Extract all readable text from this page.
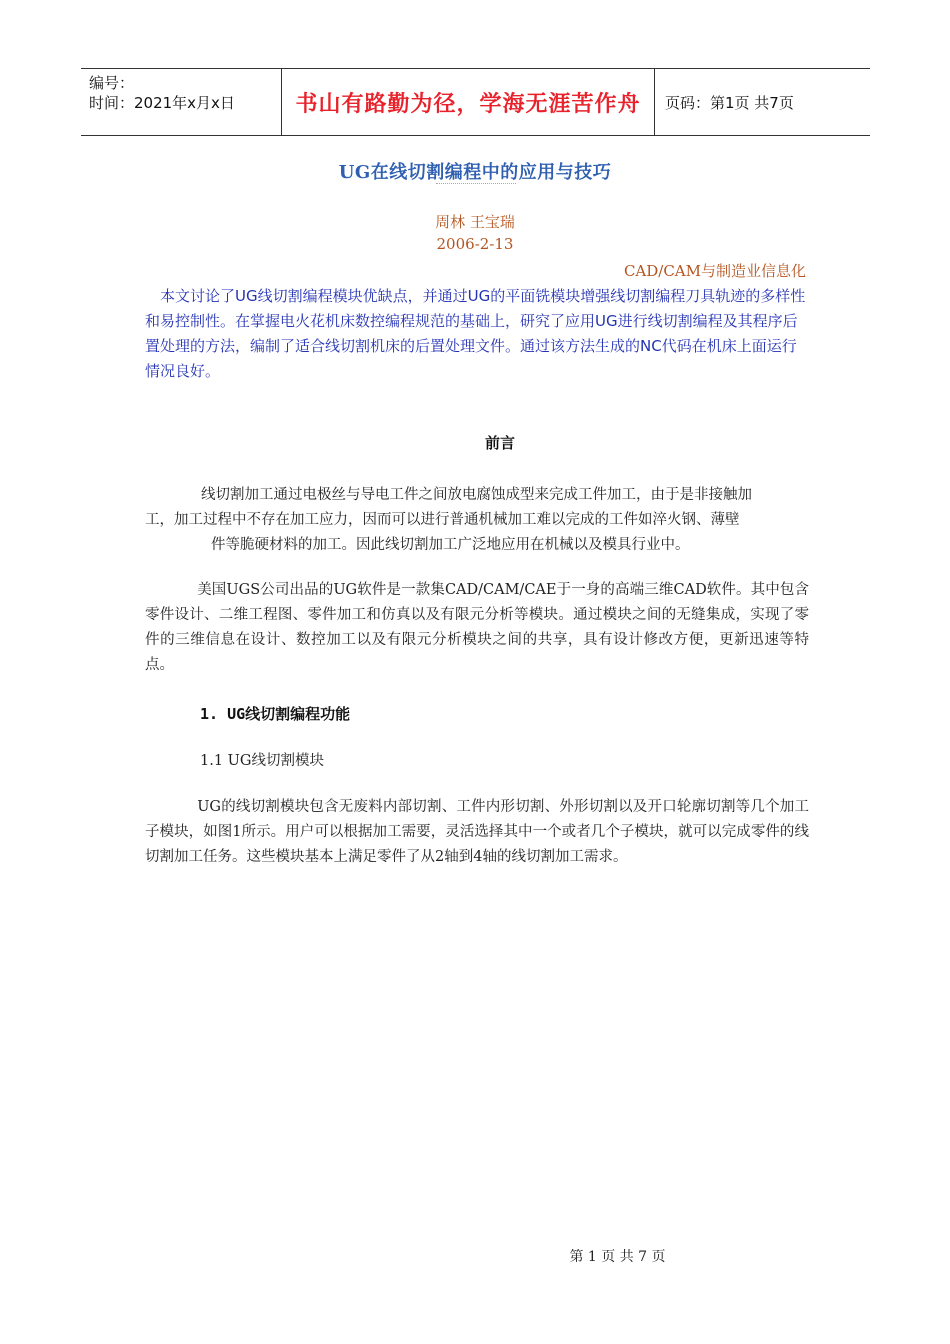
编号：
时间：2021年x月x日	书山有路勤为径，学海无涯苦作舟	页码：第1页 共7页
UG在线切割编程中的应用与技巧
周林 王宝瑞
2006-2-13
CAD/CAM与制造业信息化
本文讨论了UG线切割编程模块优缺点，并通过UG的平面铣模块增强线切割编程刀具轨迹的多样性和易控制性。在掌握电火花机床数控编程规范的基础上，研究了应用UG进行线切割编程及其程序后置处理的方法，编制了适合线切割机床的后置处理文件。通过该方法生成的NC代码在机床上面运行情况良好。
前言
线切割加工通过电极丝与导电工件之间放电腐蚀成型来完成工件加工，由于是非接触加
工，加工过程中不存在加工应力，因而可以进行普通机械加工难以完成的工件如淬火钢、薄壁
件等脆硬材料的加工。因此线切割加工广泛地应用在机械以及模具行业中。
美国UGS公司出品的UG软件是一款集CAD/CAM/CAE于一身的高端三维CAD软件。其中包含零件设计、二维工程图、零件加工和仿真以及有限元分析等模块。通过模块之间的无缝集成，实现了零件的三维信息在设计、数控加工以及有限元分析模块之间的共享，具有设计修改方便，更新迅速等特点。
1. UG线切割编程功能
1.1 UG线切割模块
UG的线切割模块包含无废料内部切割、工件内形切割、外形切割以及开口轮廓切割等几个加工子模块，如图1所示。用户可以根据加工需要，灵活选择其中一个或者几个子模块，就可以完成零件的线切割加工任务。这些模块基本上满足零件了从2轴到4轴的线切割加工需求。
第 1 页 共 7 页
